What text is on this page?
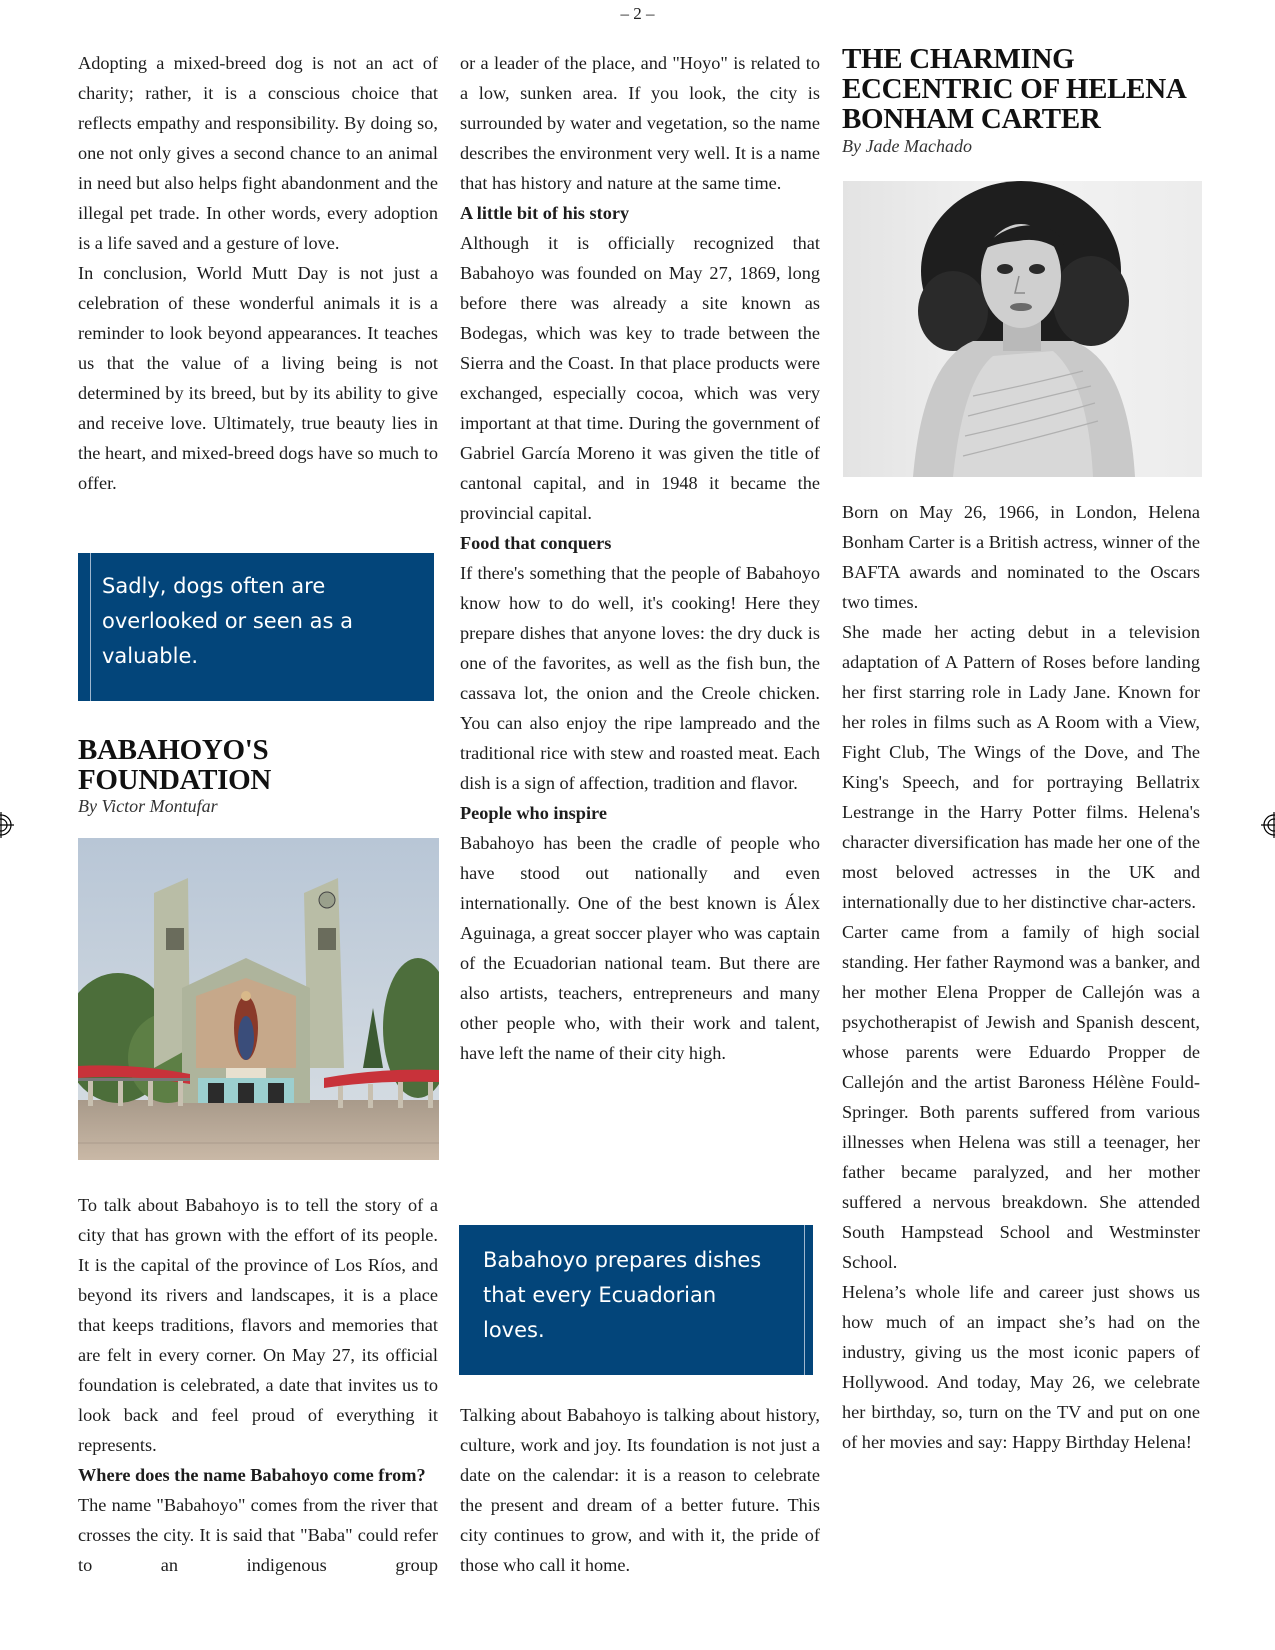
– 2 –

Adopting a mixed-breed dog is not an act of charity; rather, it is a conscious choice that reflects empathy and responsibility. By doing so, one not only gives a second chance to an animal in need but also helps fight abandonment and the illegal pet trade. In other words, every adoption is a life saved and a gesture of love.

In conclusion, World Mutt Day is not just a celebration of these wonderful animals it is a reminder to look beyond appearances. It teaches us that the value of a living being is not determined by its breed, but by its ability to give and receive love. Ultimately, true beauty lies in the heart, and mixed-breed dogs have so much to offer.

Sadly, dogs often are overlooked or seen as a valuable.
BABAHOYO'S
FOUNDATION
By Victor Montufar

To talk about Babahoyo is to tell the story of a city that has grown with the effort of its people. It is the capital of the province of Los Ríos, and beyond its rivers and landscapes, it is a place that keeps traditions, flavors and memories that are felt in every corner. On May 27, its official foundation is celebrated, a date that invites us to look back and feel proud of everything it represents.

Where does the name Babahoyo come from?

The name "Babahoyo" comes from the river that crosses the city. It is said that "Baba" could refer to an indigenous group

or a leader of the place, and "Hoyo" is related to a low, sunken area. If you look, the city is surrounded by water and vegetation, so the name describes the environment very well. It is a name that has history and nature at the same time.

A little bit of his story

Although it is officially recognized that Babahoyo was founded on May 27, 1869, long before there was already a site known as Bodegas, which was key to trade between the Sierra and the Coast. In that place products were exchanged, especially cocoa, which was very important at that time. During the government of Gabriel García Moreno it was given the title of cantonal capital, and in 1948 it became the provincial capital.

Food that conquers

If there's something that the people of Babahoyo know how to do well, it's cooking! Here they prepare dishes that anyone loves: the dry duck is one of the favorites, as well as the fish bun, the cassava lot, the onion and the Creole chicken. You can also enjoy the ripe lampreado and the traditional rice with stew and roasted meat. Each dish is a sign of affection, tradition and flavor.

People who inspire

Babahoyo has been the cradle of people who have stood out nationally and even internationally. One of the best known is Álex Aguinaga, a great soccer player who was captain of the Ecuadorian national team. But there are also artists, teachers, entrepreneurs and many other people who, with their work and talent, have left the name of their city high.

Babahoyo prepares dishes that every Ecuadorian loves.

Talking about Babahoyo is talking about history, culture, work and joy. Its foundation is not just a date on the calendar: it is a reason to celebrate the present and dream of a better future. This city continues to grow, and with it, the pride of those who call it home.

THE CHARMING
ECCENTRIC OF HELENA
BONHAM CARTER
By Jade Machado

Born on May 26, 1966, in London, Helena Bonham Carter is a British actress, winner of the BAFTA awards and nominated to the Oscars two times.

She made her acting debut in a television adaptation of A Pattern of Roses before landing her first starring role in Lady Jane. Known for her roles in films such as A Room with a View, Fight Club, The Wings of the Dove, and The King's Speech, and for portraying Bellatrix Lestrange in the Harry Potter films. Helena's character diversification has made her one of the most beloved actresses in the UK and internationally due to her distinctive char-acters.

Carter came from a family of high social standing. Her father Raymond was a banker, and her mother Elena Propper de Callejón was a psychotherapist of Jewish and Spanish descent, whose parents were Eduardo Propper de Callejón and the artist Baroness Hélène Fould-Springer. Both parents suffered from various illnesses when Helena was still a teenager, her father became paralyzed, and her mother suffered a nervous breakdown. She attended South Hampstead School and Westminster School.

Helena’s whole life and career just shows us how much of an impact she’s had on the industry, giving us the most iconic papers of Hollywood. And today, May 26, we celebrate her birthday, so, turn on the TV and put on one of her movies and say: Happy Birthday Helena!
